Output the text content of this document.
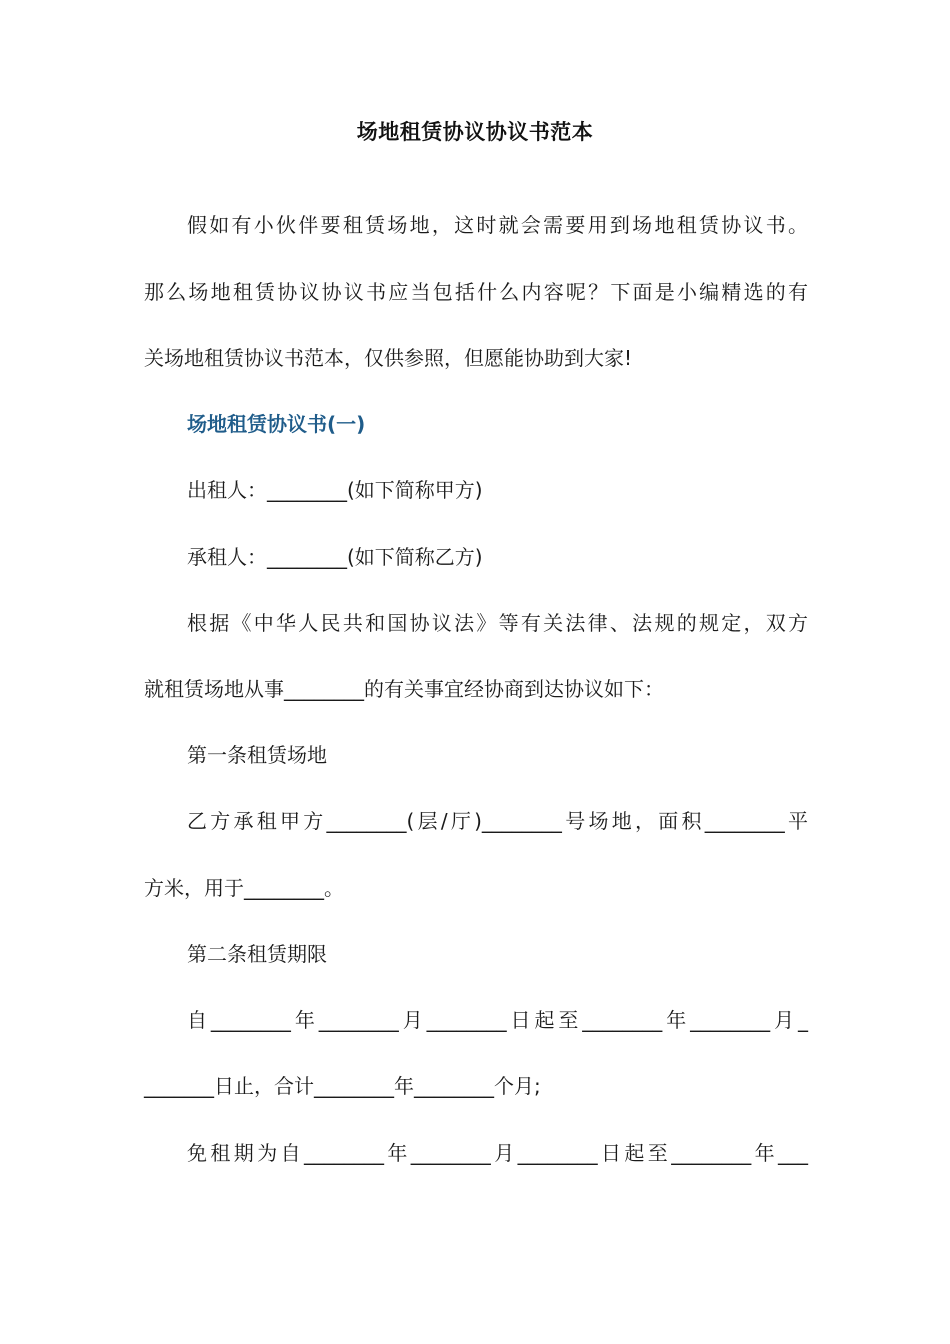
场地租赁协议协议书范本
假如有小伙伴要租赁场地，这时就会需要用到场地租赁协议书。
那么场地租赁协议协议书应当包括什么内容呢？下面是小编精选的有
关场地租赁协议书范本，仅供参照，但愿能协助到大家!
场地租赁协议书(一)
出租人：________(如下简称甲方)
承租人：________(如下简称乙方)
根据《中华人民共和国协议法》等有关法律、法规的规定，双方
就租赁场地从事________的有关事宜经协商到达协议如下：
第一条租赁场地
乙方承租甲方________(层/厅)________号场地，面积________平
方米，用于________。
第二条租赁期限
自________年________月________日起至________年________月_
_______日止，合计________年________个月;
免租期为自________年________月________日起至________年___
